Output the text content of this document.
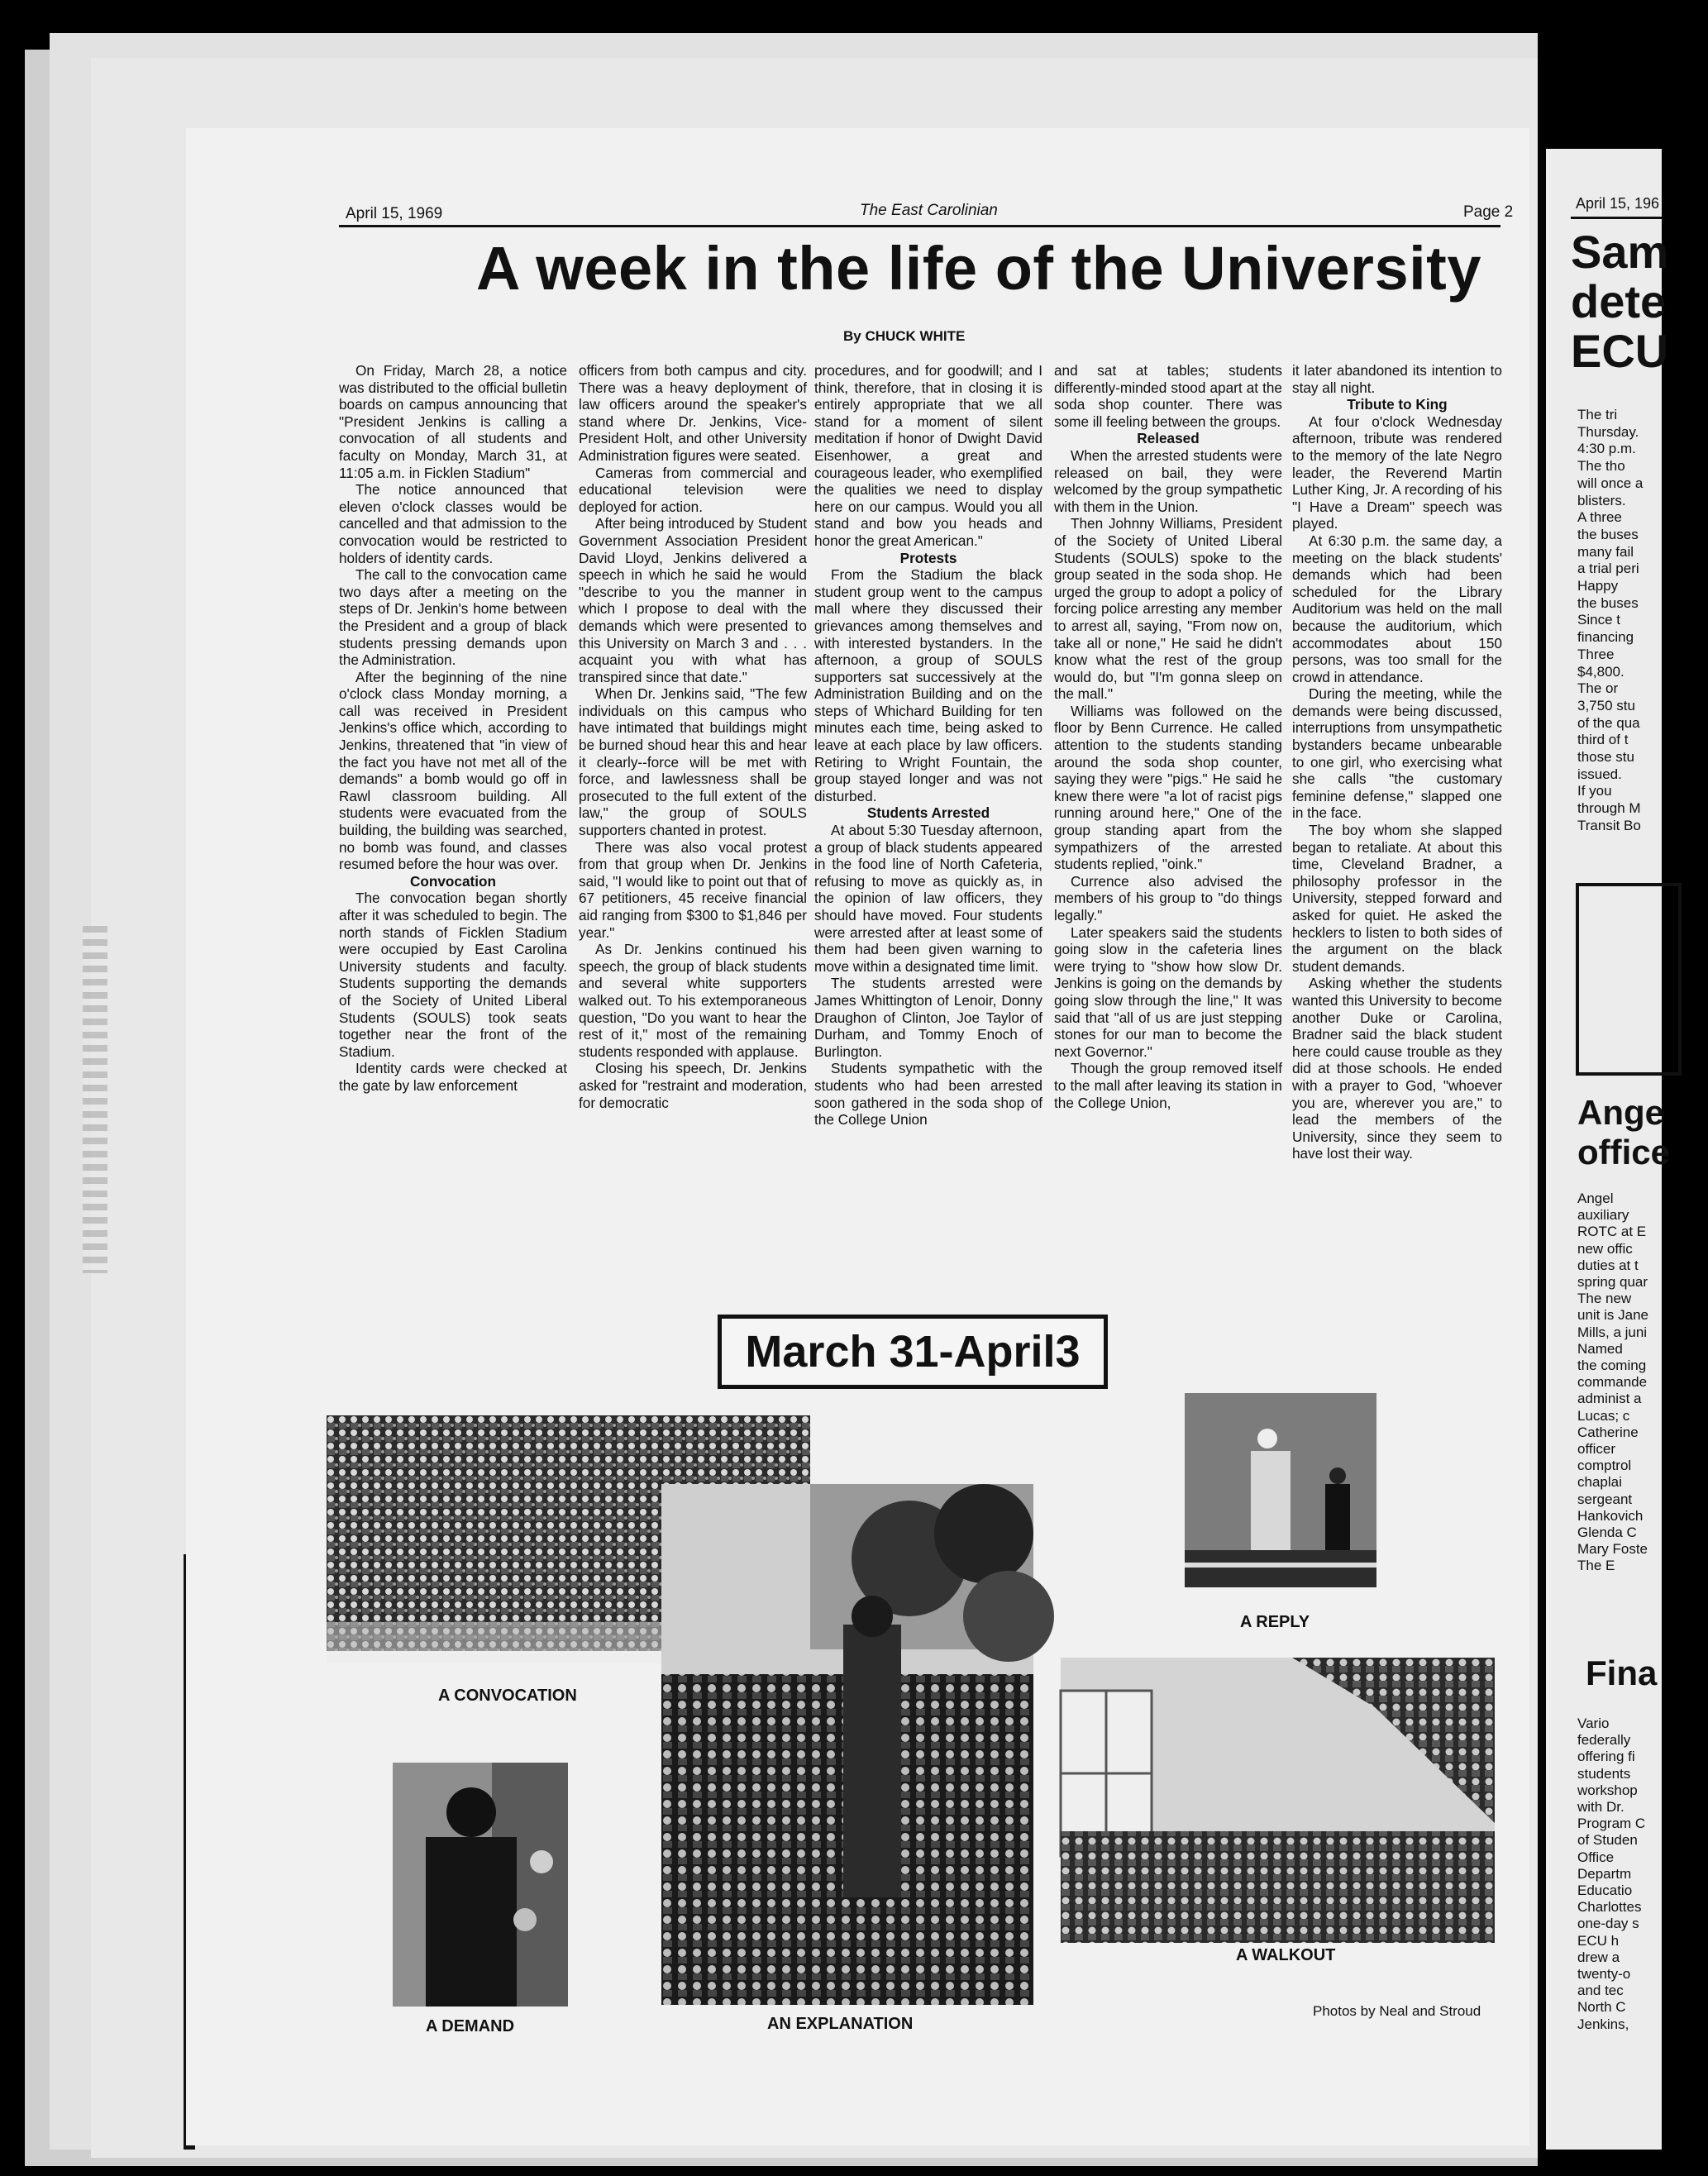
April 15, 1969	The East Carolinian	Page 2
A week in the life of the University
By CHUCK WHITE

On Friday, March 28, a notice was distributed to the official bulletin boards on campus announcing that "President Jenkins is calling a convocation of all students and faculty on Monday, March 31, at 11:05 a.m. in Ficklen Stadium"

The notice announced that eleven o'clock classes would be cancelled and that admission to the convocation would be restricted to holders of identity cards.

The call to the convocation came two days after a meeting on the steps of Dr. Jenkin's home between the President and a group of black students pressing demands upon the Administration.

After the beginning of the nine o'clock class Monday morning, a call was received in President Jenkins's office which, according to Jenkins, threatened that "in view of the fact you have not met all of the demands" a bomb would go off in Rawl classroom building. All students were evacuated from the building, the building was searched, no bomb was found, and classes resumed before the hour was over.

Convocation

The convocation began shortly after it was scheduled to begin. The north stands of Ficklen Stadium were occupied by East Carolina University students and faculty. Students supporting the demands of the Society of United Liberal Students (SOULS) took seats together near the front of the Stadium.

Identity cards were checked at the gate by law enforcement

officers from both campus and city. There was a heavy deployment of law officers around the speaker's stand where Dr. Jenkins, Vice-President Holt, and other University Administration figures were seated.

Cameras from commercial and educational television were deployed for action.

After being introduced by Student Government Association President David Lloyd, Jenkins delivered a speech in which he said he would "describe to you the manner in which I propose to deal with the demands which were presented to this University on March 3 and . . . acquaint you with what has transpired since that date."

When Dr. Jenkins said, "The few individuals on this campus who have intimated that buildings might be burned shoud hear this and hear it clearly--force will be met with force, and lawlessness shall be prosecuted to the full extent of the law," the group of SOULS supporters chanted in protest.

There was also vocal protest from that group when Dr. Jenkins said, "I would like to point out that of 67 petitioners, 45 receive financial aid ranging from $300 to $1,846 per year."

As Dr. Jenkins continued his speech, the group of black students and several white supporters walked out. To his extemporaneous question, "Do you want to hear the rest of it," most of the remaining students responded with applause.

Closing his speech, Dr. Jenkins asked for "restraint and moderation, for democratic

procedures, and for goodwill; and I think, therefore, that in closing it is entirely appropriate that we all stand for a moment of silent meditation if honor of Dwight David Eisenhower, a great and courageous leader, who exemplified the qualities we need to display here on our campus. Would you all stand and bow you heads and honor the great American."

Protests

From the Stadium the black student group went to the campus mall where they discussed their grievances among themselves and with interested bystanders. In the afternoon, a group of SOULS supporters sat successively at the Administration Building and on the steps of Whichard Building for ten minutes each time, being asked to leave at each place by law officers. Retiring to Wright Fountain, the group stayed longer and was not disturbed.

Students Arrested

At about 5:30 Tuesday afternoon, a group of black students appeared in the food line of North Cafeteria, refusing to move as quickly as, in the opinion of law officers, they should have moved. Four students were arrested after at least some of them had been given warning to move within a designated time limit.

The students arrested were James Whittington of Lenoir, Donny Draughon of Clinton, Joe Taylor of Durham, and Tommy Enoch of Burlington.

Students sympathetic with the students who had been arrested soon gathered in the soda shop of the College Union

and sat at tables; students differently-minded stood apart at the soda shop counter. There was some ill feeling between the groups.

Released

When the arrested students were released on bail, they were welcomed by the group sympathetic with them in the Union.

Then Johnny Williams, President of the Society of United Liberal Students (SOULS) spoke to the group seated in the soda shop. He urged the group to adopt a policy of forcing police arresting any member to arrest all, saying, "From now on, take all or none," He said he didn't know what the rest of the group would do, but "I'm gonna sleep on the mall."

Williams was followed on the floor by Benn Currence. He called attention to the students standing around the soda shop counter, saying they were "pigs." He said he knew there were "a lot of racist pigs running around here," One of the group standing apart from the sympathizers of the arrested students replied, "oink."

Currence also advised the members of his group to "do things legally."

Later speakers said the students going slow in the cafeteria lines were trying to "show how slow Dr. Jenkins is going on the demands by going slow through the line," It was said that "all of us are just stepping stones for our man to become the next Governor."

Though the group removed itself to the mall after leaving its station in the College Union,

it later abandoned its intention to stay all night.

Tribute to King

At four o'clock Wednesday afternoon, tribute was rendered to the memory of the late Negro leader, the Reverend Martin Luther King, Jr. A recording of his "I Have a Dream" speech was played.

At 6:30 p.m. the same day, a meeting on the black students' demands which had been scheduled for the Library Auditorium was held on the mall because the auditorium, which accommodates about 150 persons, was too small for the crowd in attendance.

During the meeting, while the demands were being discussed, interruptions from unsympathetic bystanders became unbearable to one girl, who exercising what she calls "the customary feminine defense," slapped one in the face.

The boy whom she slapped began to retaliate. At about this time, Cleveland Bradner, a philosophy professor in the University, stepped forward and asked for quiet. He asked the hecklers to listen to both sides of the argument on the black student demands.

Asking whether the students wanted this University to become another Duke or Carolina, Bradner said the black student here could cause trouble as they did at those schools. He ended with a prayer to God, "whoever you are, wherever you are," to lead the members of the University, since they seem to have lost their way.

March 31-April3
A CONVOCATION
AN EXPLANATION
A DEMAND
A REPLY
A WALKOUT
Photos by Neal and Stroud
April 15, 196
Sam
dete
ECU
The tri
Thursday.
4:30 p.m.
The tho
will once a
blisters.
A three
the buses
many fail
a trial peri
Happy
the buses
Since t
financing
Three
$4,800.
The or
3,750 stu
of the qua
third of t
those stu
issued.
If you
through M
Transit Bo
Ange
office
Angel
auxiliary
ROTC at E
new offic
duties at t
spring quar
The new
unit is Jane
Mills, a juni
Named
the coming
commande
administ a
Lucas; c
Catherine
officer
comptrol
chaplai
sergeant
Hankovich
Glenda C
Mary Foste
The E
Fina
Vario
federally
offering fi
students
workshop
with Dr.
Program C
of Studen
Office
Departm
Educatio
Charlottes
one-day s
ECU h
drew a
twenty-o
and tec
North C
Jenkins,
